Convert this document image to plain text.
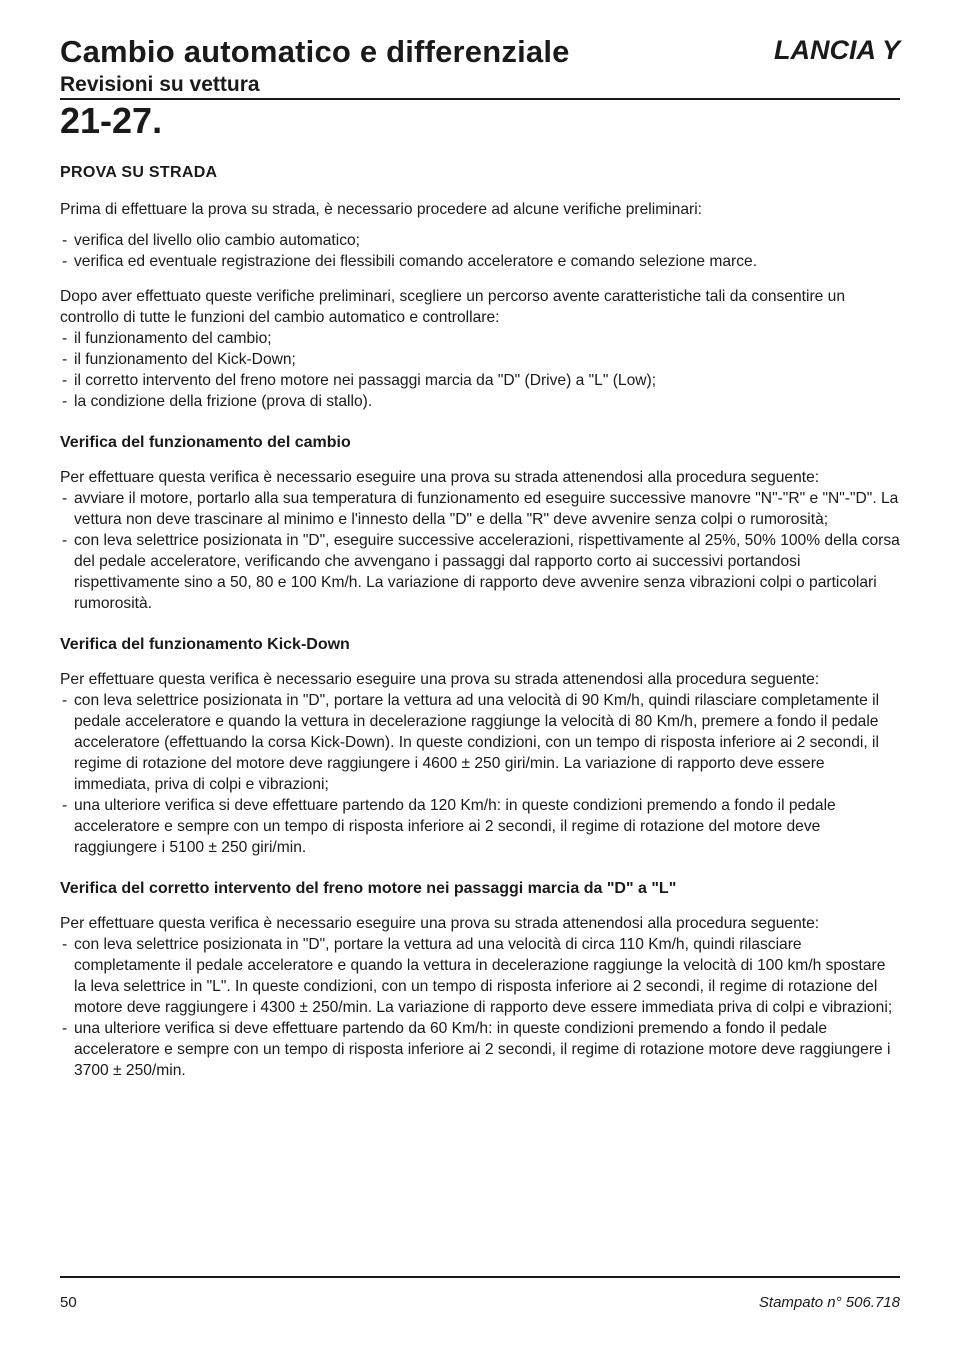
Cambio automatico e differenziale	LANCIA Y
Revisioni su vettura
21-27.
PROVA SU STRADA

Prima di effettuare la prova su strada, è necessario procedere ad alcune verifiche preliminari:

- verifica del livello olio cambio automatico;
- verifica ed eventuale registrazione dei flessibili comando acceleratore e comando selezione marce.

Dopo aver effettuato queste verifiche preliminari, scegliere un percorso avente caratteristiche tali da consentire un controllo di tutte le funzioni del cambio automatico e controllare:

- il funzionamento del cambio;
- il funzionamento del Kick-Down;
- il corretto intervento del freno motore nei passaggi marcia da "D" (Drive) a "L" (Low);
- la condizione della frizione (prova di stallo).
Verifica del funzionamento del cambio

Per effettuare questa verifica è necessario eseguire una prova su strada attenendosi alla procedura seguente:

- avviare il motore, portarlo alla sua temperatura di funzionamento ed eseguire successive manovre "N"-"R" e "N"-"D". La vettura non deve trascinare al minimo e l'innesto della "D" e della "R" deve avvenire senza colpi o rumorosità;
- con leva selettrice posizionata in "D", eseguire successive accelerazioni, rispettivamente al 25%, 50% 100% della corsa del pedale acceleratore, verificando che avvengano i passaggi dal rapporto corto ai successivi portandosi rispettivamente sino a 50, 80 e 100 Km/h. La variazione di rapporto deve avvenire senza vibrazioni colpi o particolari rumorosità.
Verifica del funzionamento Kick-Down

Per effettuare questa verifica è necessario eseguire una prova su strada attenendosi alla procedura seguente:

- con leva selettrice posizionata in "D", portare la vettura ad una velocità di 90 Km/h, quindi rilasciare completamente il pedale acceleratore e quando la vettura in decelerazione raggiunge la velocità di 80 Km/h, premere a fondo il pedale acceleratore (effettuando la corsa Kick-Down). In queste condizioni, con un tempo di risposta inferiore ai 2 secondi, il regime di rotazione del motore deve raggiungere i 4600 ± 250 giri/min. La variazione di rapporto deve essere immediata, priva di colpi e vibrazioni;
- una ulteriore verifica si deve effettuare partendo da 120 Km/h: in queste condizioni premendo a fondo il pedale acceleratore e sempre con un tempo di risposta inferiore ai 2 secondi, il regime di rotazione del motore deve raggiungere i 5100 ± 250 giri/min.
Verifica del corretto intervento del freno motore nei passaggi marcia da "D" a "L"

Per effettuare questa verifica è necessario eseguire una prova su strada attenendosi alla procedura seguente:

- con leva selettrice posizionata in "D", portare la vettura ad una velocità di circa 110 Km/h, quindi rilasciare completamente il pedale acceleratore e quando la vettura in decelerazione raggiunge la velocità di 100 km/h spostare la leva selettrice in "L". In queste condizioni, con un tempo di risposta inferiore ai 2 secondi, il regime di rotazione del motore deve raggiungere i 4300 ± 250/min. La variazione di rapporto deve essere immediata priva di colpi e vibrazioni;
- una ulteriore verifica si deve effettuare partendo da 60 Km/h: in queste condizioni premendo a fondo il pedale acceleratore e sempre con un tempo di risposta inferiore ai 2 secondi, il regime di rotazione motore deve raggiungere i 3700 ± 250/min.
50	Stampato n° 506.718
